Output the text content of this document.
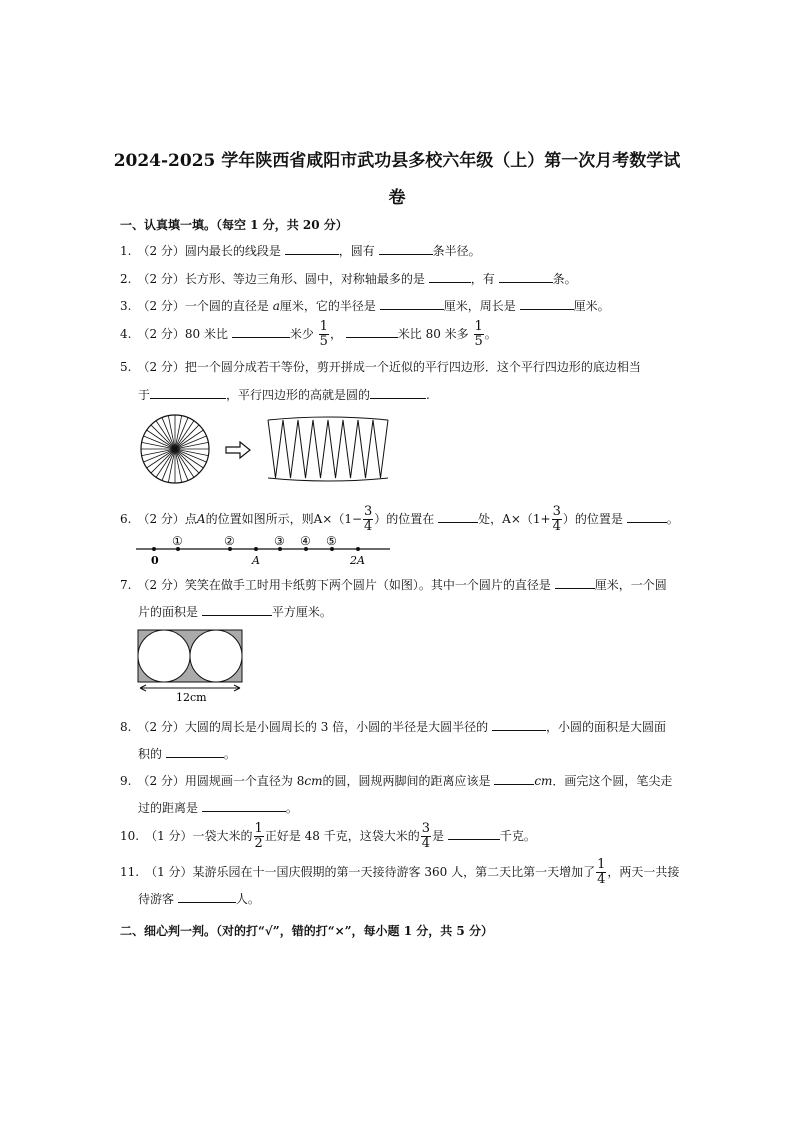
2024-2025 学年陕西省咸阳市武功县多校六年级（上）第一次月考数学试
卷
一、认真填一填。（每空 1 分，共 20 分）
1.　（2 分）圆内最长的线段是	，圆有	条半径。
2.　（2 分）长方形、等边三角形、圆中，对称轴最多的是	，有	条。
3.　（2 分）一个圆的直径是 a厘米，它的半径是	厘米，周长是	厘米。
4.　（2 分）80 米比	米少 $\frac{1}{5}$ ，	米比 80 米多 $\frac{1}{5}$ 。
5.　（2 分）把一个圆分成若干等份，剪开拼成一个近似的平行四边形．这个平行四边形的底边相当
于	，平行四边形的高就是圆的	.
6.　（2 分）点A的位置如图所示，则$A\times(1- \frac{3}{4}$ ）的位置在	处，$A\times(1+ \frac{3}{4}$ ）的位置是	。
0	A	2A
①	②	③ ④ ⑤
7.　（2 分）笑笑在做手工时用卡纸剪下两个圆片（如图）。其中一个圆片的直径是	厘米，一个圆
片的面积是	平方厘米。
12cm
8.　（2 分）大圆的周长是小圆周长的 3 倍，小圆的半径是大圆半径的	，小圆的面积是大圆面
积的	。
9.　（2 分）用圆规画一个直径为 8cm的圆，圆规两脚间的距离应该是	cm．画完这个圆，笔尖走
过的距离是	。
10.　（1 分）一袋大米的 $\frac{1}{2}$ 正好是 48 千克，这袋大米的 $\frac{3}{4}$ 是	千克。
11.　（1 分）某游乐园在十一国庆假期的第一天接待游客 360 人，第二天比第一天增加了 $\frac{1}{4}$ ，两天一共接
待游客	人。
二、细心判一判。（对的打“√”，错的打“×”，每小题 1 分，共 5 分）
